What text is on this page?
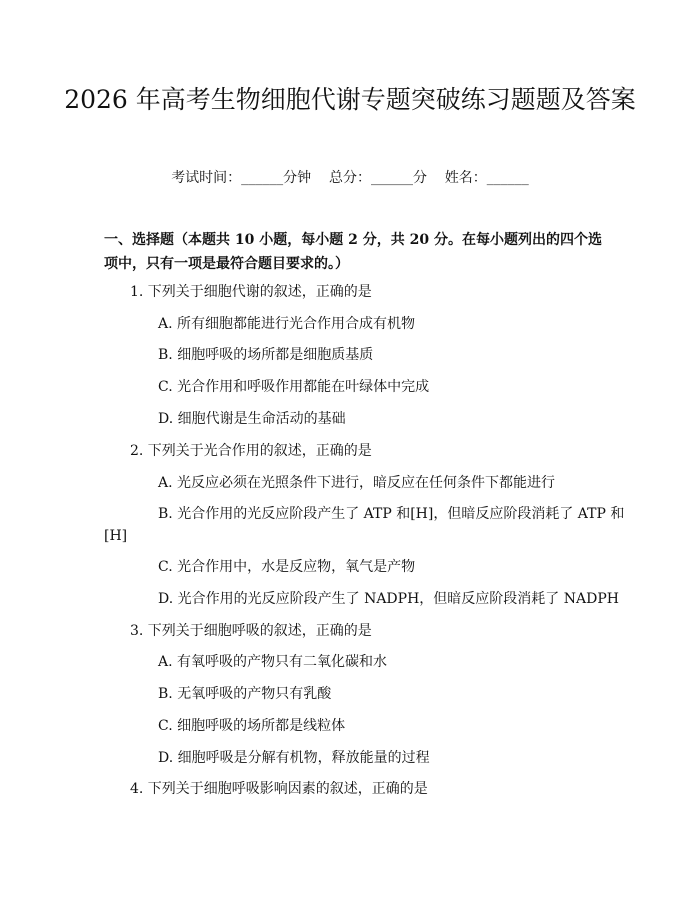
2026 年高考生物细胞代谢专题突破练习题题及答案
考试时间：______分钟    总分：______分    姓名：______
一、选择题（本题共 10 小题，每小题 2 分，共 20 分。在每小题列出的四个选项中，只有一项是最符合题目要求的。）
1. 下列关于细胞代谢的叙述，正确的是
A. 所有细胞都能进行光合作用合成有机物
B. 细胞呼吸的场所都是细胞质基质
C. 光合作用和呼吸作用都能在叶绿体中完成
D. 细胞代谢是生命活动的基础
2. 下列关于光合作用的叙述，正确的是
A. 光反应必须在光照条件下进行，暗反应在任何条件下都能进行
B. 光合作用的光反应阶段产生了 ATP 和[H]，但暗反应阶段消耗了 ATP 和
[H]
C. 光合作用中，水是反应物，氧气是产物
D. 光合作用的光反应阶段产生了 NADPH，但暗反应阶段消耗了 NADPH
3. 下列关于细胞呼吸的叙述，正确的是
A. 有氧呼吸的产物只有二氧化碳和水
B. 无氧呼吸的产物只有乳酸
C. 细胞呼吸的场所都是线粒体
D. 细胞呼吸是分解有机物，释放能量的过程
4. 下列关于细胞呼吸影响因素的叙述，正确的是
